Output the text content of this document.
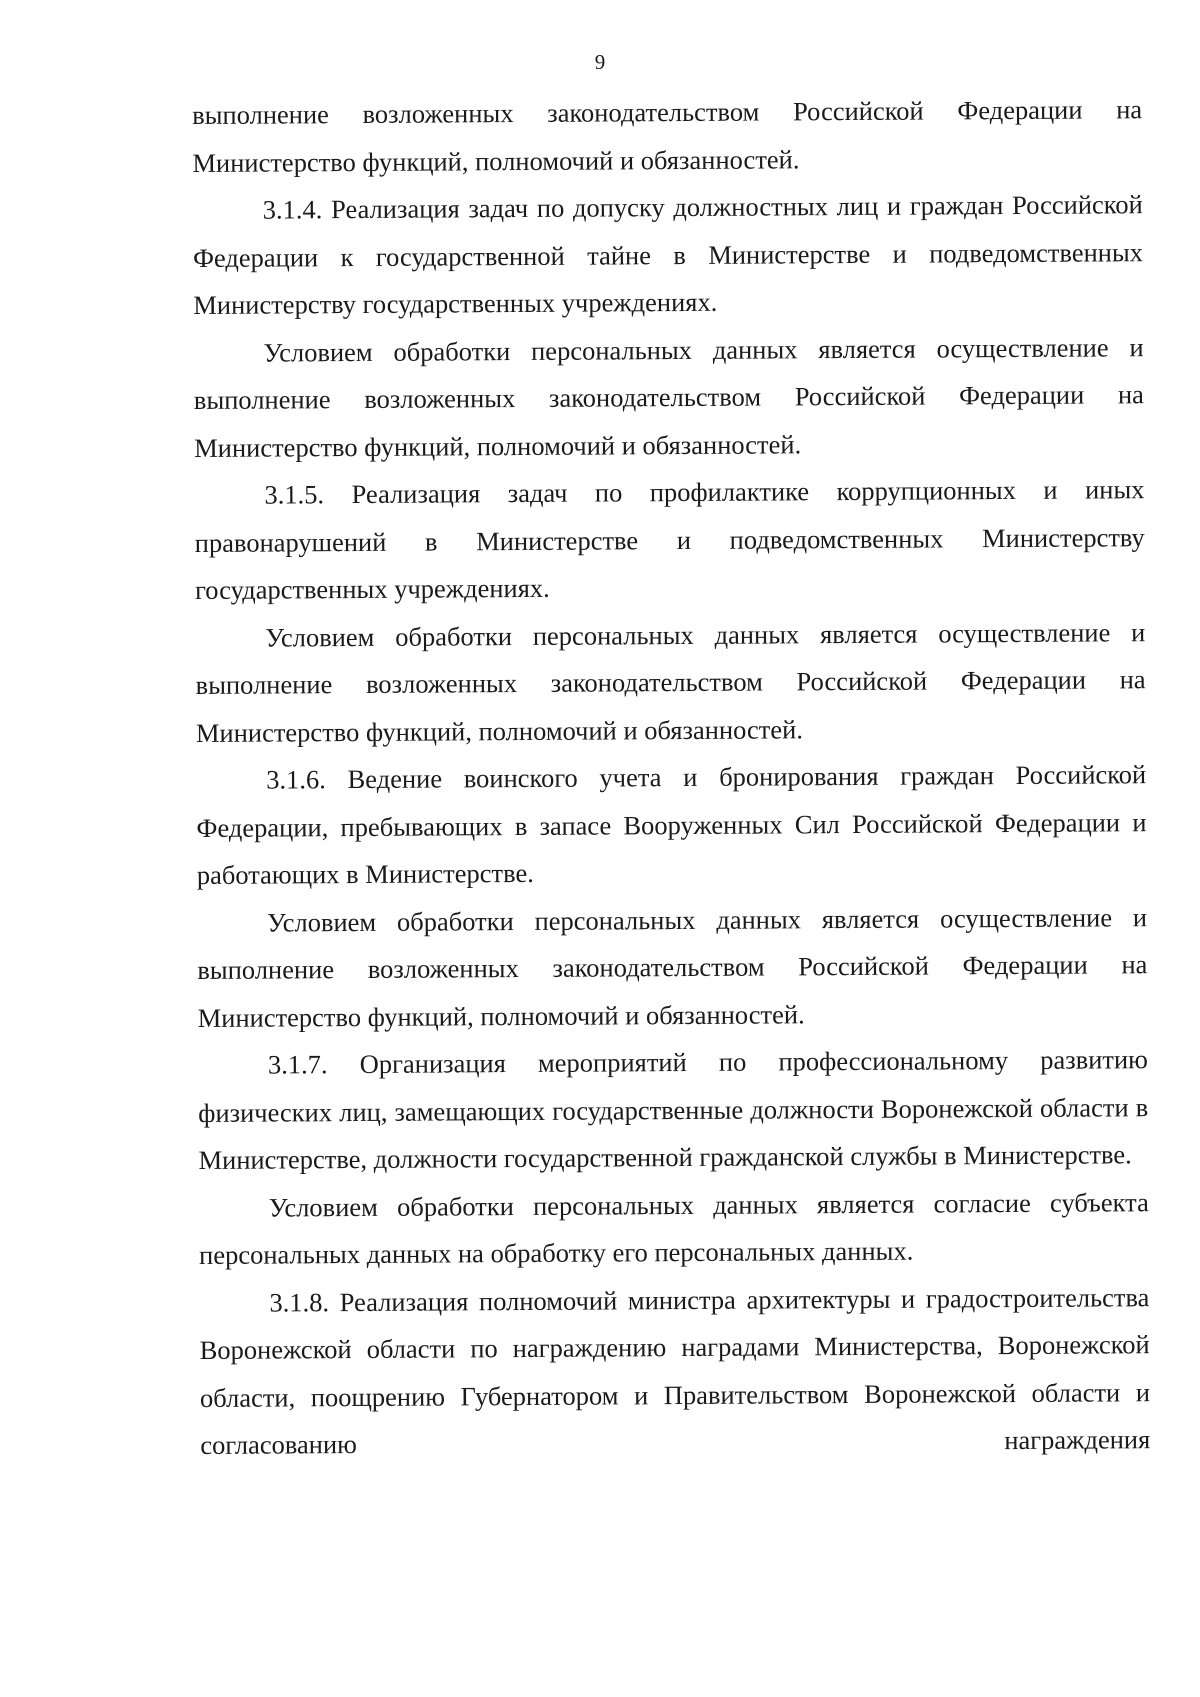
9

выполнение возложенных законодательством Российской Федерации на Министерство функций, полномочий и обязанностей.

3.1.4. Реализация задач по допуску должностных лиц и граждан Российской Федерации к государственной тайне в Министерстве и подведомственных Министерству государственных учреждениях.

Условием обработки персональных данных является осуществление и выполнение возложенных законодательством Российской Федерации на Министерство функций, полномочий и обязанностей.

3.1.5. Реализация задач по профилактике коррупционных и иных правонарушений в Министерстве и подведомственных Министерству государственных учреждениях.

Условием обработки персональных данных является осуществление и выполнение возложенных законодательством Российской Федерации на Министерство функций, полномочий и обязанностей.

3.1.6. Ведение воинского учета и бронирования граждан Российской Федерации, пребывающих в запасе Вооруженных Сил Российской Федерации и работающих в Министерстве.

Условием обработки персональных данных является осуществление и выполнение возложенных законодательством Российской Федерации на Министерство функций, полномочий и обязанностей.

3.1.7. Организация мероприятий по профессиональному развитию физических лиц, замещающих государственные должности Воронежской области в Министерстве, должности государственной гражданской службы в Министерстве.

Условием обработки персональных данных является согласие субъекта персональных данных на обработку его персональных данных.

3.1.8. Реализация полномочий министра архитектуры и градостроительства Воронежской области по награждению наградами Министерства, Воронежской области, поощрению Губернатором и Правительством Воронежской области и согласованию награждения
